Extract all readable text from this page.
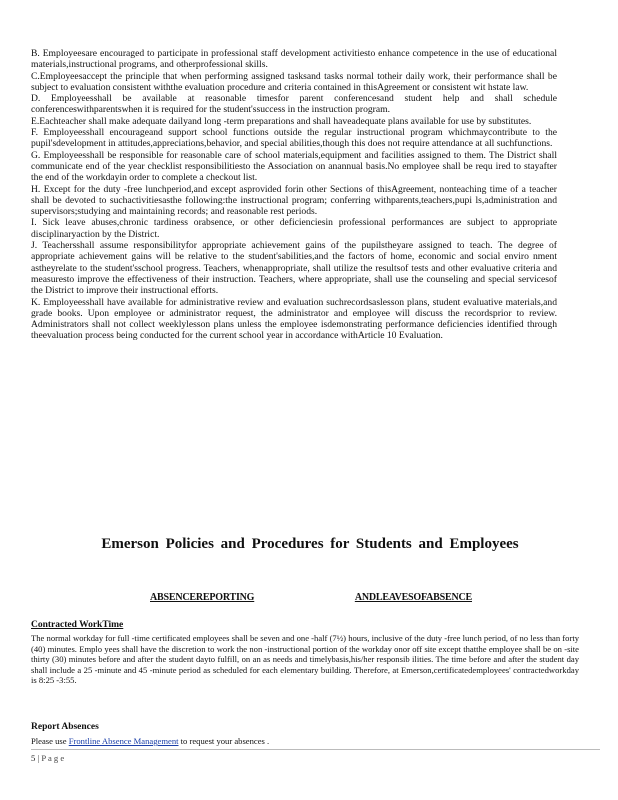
B. Employeesare encouraged to participate in professional staff development activitiesto enhance competence in the use of educational materials,instructional programs, and otherprofessional skills.

C.Employeesaccept the principle that when performing assigned tasksand tasks normal totheir daily work, their performance shall be subject to evaluation consistent withthe evaluation procedure and criteria contained in thisAgreement or consistent wit hstate law.

D. Employeesshall be available at reasonable timesfor parent conferencesand student help and shall schedule conferenceswithparentswhen it is required for the student'ssuccess in the instruction program.

E.Eachteacher shall make adequate dailyand long -term preparations and shall haveadequate plans available for use by substitutes.

F. Employeesshall encourageand support school functions outside the regular instructional program whichmaycontribute to the pupil'sdevelopment in attitudes,appreciations,behavior, and special abilities,though this does not require attendance at all suchfunctions.

G. Employeesshall be responsible for reasonable care of school materials,equipment and facilities assigned to them. The District shall communicate end of the year checklist responsibilitiesto the Association on anannual basis.No employee shall be requ ired to stayafter the end of the workdayin order to complete a checkout list.

H. Except for the duty -free lunchperiod,and except asprovided forin other Sections of thisAgreement, nonteaching time of a teacher shall be devoted to suchactivitiesasthe following:the instructional program; conferring withparents,teachers,pupi ls,administration and supervisors;studying and maintaining records; and reasonable rest periods.

I. Sick leave abuses,chronic tardiness orabsence, or other deficienciesin professional performances are subject to appropriate disciplinaryaction by the District.

J. Teachersshall assume responsibilityfor appropriate achievement gains of the pupilstheyare assigned to teach. The degree of appropriate achievement gains will be relative to the student'sabilities,and the factors of home, economic and social enviro nment astheyrelate to the student'sschool progress. Teachers, whenappropriate, shall utilize the resultsof tests and other evaluative criteria and measuresto improve the effectiveness of their instruction. Teachers, where appropriate, shall use the counseling and special servicesof the District to improve their instructional efforts.

K. Employeesshall have available for administrative review and evaluation suchrecordsaslesson plans, student evaluative materials,and grade books. Upon employee or administrator request, the administrator and employee will discuss the recordsprior to review. Administrators shall not collect weeklylesson plans unless the employee isdemonstrating performance deficiencies identified through theevaluation process being conducted for the current school year in accordance withArticle 10 Evaluation.

Emerson Policies and Procedures for Students and Employees
ABSENCEREPORTING	ANDLEAVESOFABSENCE
Contracted WorkTime
The normal workday for full -time certificated employees shall be seven and one -half (7½) hours, inclusive of the duty -free lunch period, of no less than forty (40) minutes. Emplo yees shall have the discretion to work the non -instructional portion of the workday onor off site except thatthe employee shall be on -site thirty (30) minutes before and after the student dayto fulfill, on an as needs and timelybasis,his/her responsib ilities. The time before and after the student day shall include a 25 -minute and 45 -minute period as scheduled for each elementary building. Therefore, at Emerson,certificatedemployees' contractedworkday is 8:25 -3:55.
Report Absences
Please use Frontline Absence Management to request your absences .
5 | P a g e
